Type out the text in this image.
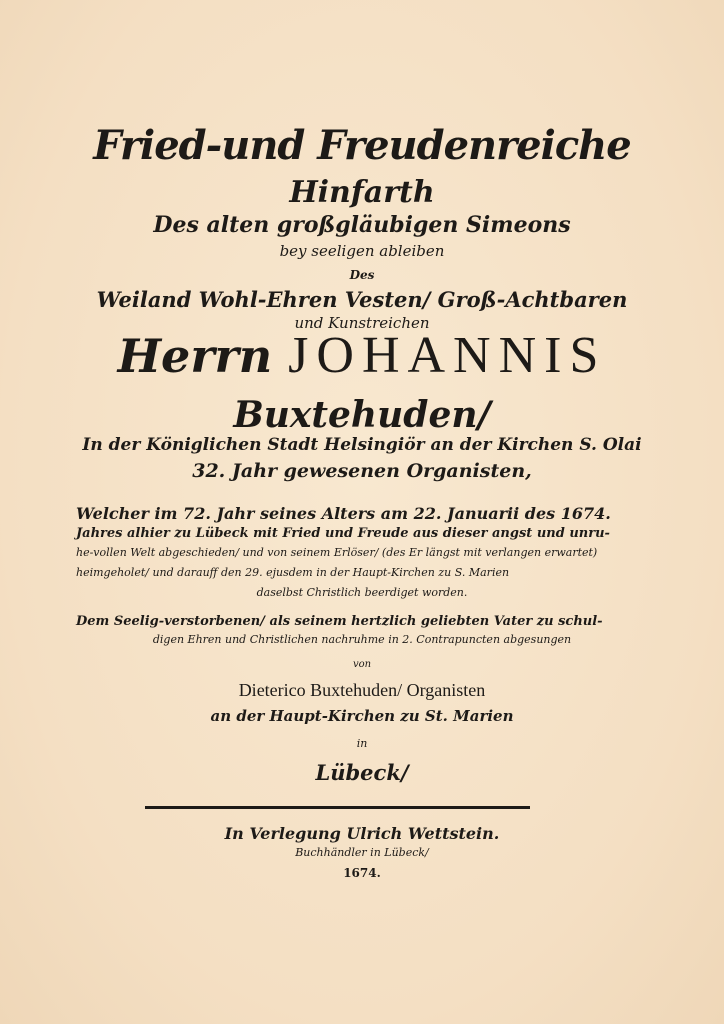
Fried-und Freudenreiche
Hinfarth
Des alten großgläubigen Simeons
bey seeligen ableiben
Des
Weiland Wohl-Ehren Vesten/ Groß-Achtbaren
und Kunstreichen
Herrn JOHANNIS
Buxtehuden/
In der Königlichen Stadt Helsingiör an der Kirchen S. Olai
32. Jahr gewesenen Organisten,
Welcher im 72. Jahr seines Alters am 22. Januarii des 1674.
Jahres alhier zu Lübeck mit Fried und Freude aus dieser angst und unru-
he-vollen Welt abgeschieden/ und von seinem Erlöser/ (des Er längst mit verlangen erwartet)
heimgeholet/ und darauff den 29. ejusdem in der Haupt-Kirchen zu S. Marien
daselbst Christlich beerdiget worden.
Dem Seelig-verstorbenen/ als seinem hertzlich geliebten Vater zu schul-
digen Ehren und Christlichen nachruhme in 2. Contrapuncten abgesungen
von
Dieterico Buxtehuden/ Organisten
an der Haupt-Kirchen zu St. Marien
in
Lübeck/
In Verlegung Ulrich Wettstein.
Buchhändler in Lübeck/
1674.
